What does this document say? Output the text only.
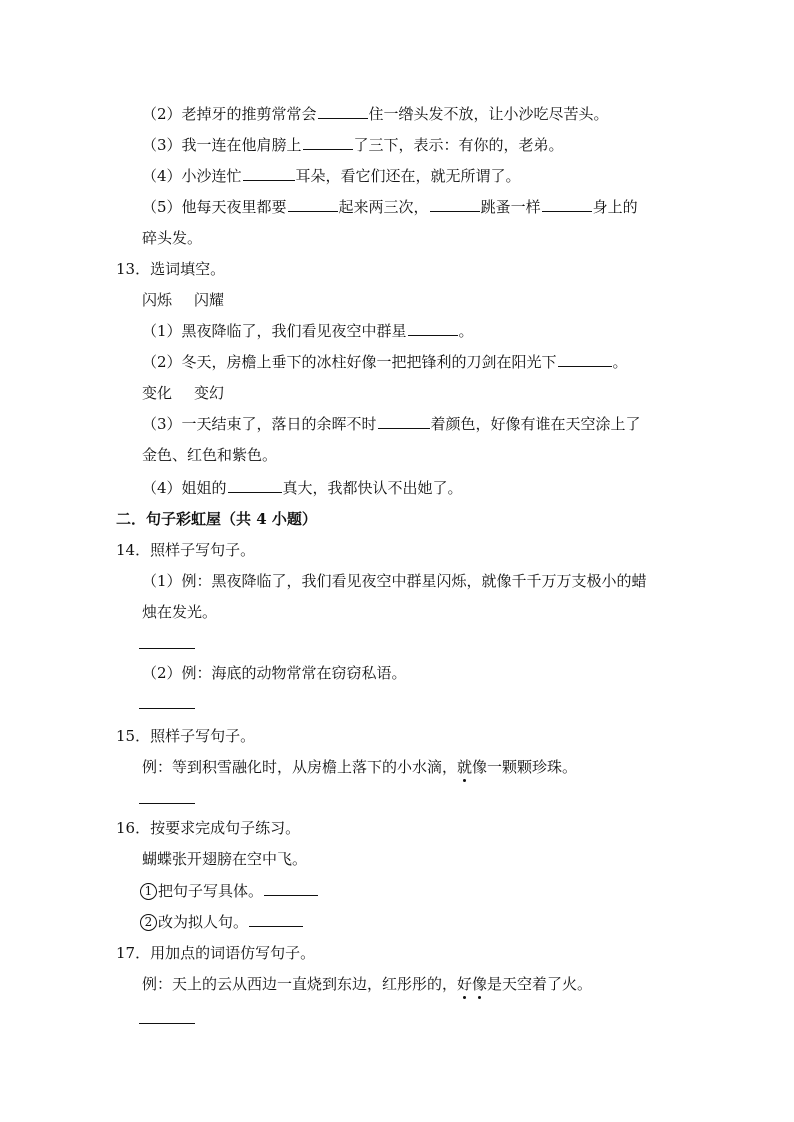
（2）老掉牙的推剪常常会	住一绺头发不放，让小沙吃尽苦头。
（3）我一连在他肩膀上	了三下，表示：有你的，老弟。
（4）小沙连忙	耳朵，看它们还在，就无所谓了。
（5）他每天夜里都要	起来两三次，	跳蚤一样	身上的
碎头发。
13．选词填空。
闪烁 闪耀
（1）黑夜降临了，我们看见夜空中群星	。
（2）冬天，房檐上垂下的冰柱好像一把把锋利的刀剑在阳光下	。
变化 变幻
（3）一天结束了，落日的余晖不时	着颜色，好像有谁在天空涂上了
金色、红色和紫色。
（4）姐姐的	真大，我都快认不出她了。
二．句子彩虹屋（共 4 小题）
14．照样子写句子。
（1）例：黑夜降临了，我们看见夜空中群星闪烁，就像千千万万支极小的蜡
烛在发光。
（2）例：海底的动物常常在窃窃私语。
15．照样子写句子。
例：等到积雪融化时，从房檐上落下的小水滴，就像一颗颗珍珠。
16．按要求完成句子练习。
蝴蝶张开翅膀在空中飞。
1 把句子写具体。
2 改为拟人句。
17．用加点的词语仿写句子。
例：天上的云从西边一直烧到东边，红彤彤的，好像是天空着了火。
